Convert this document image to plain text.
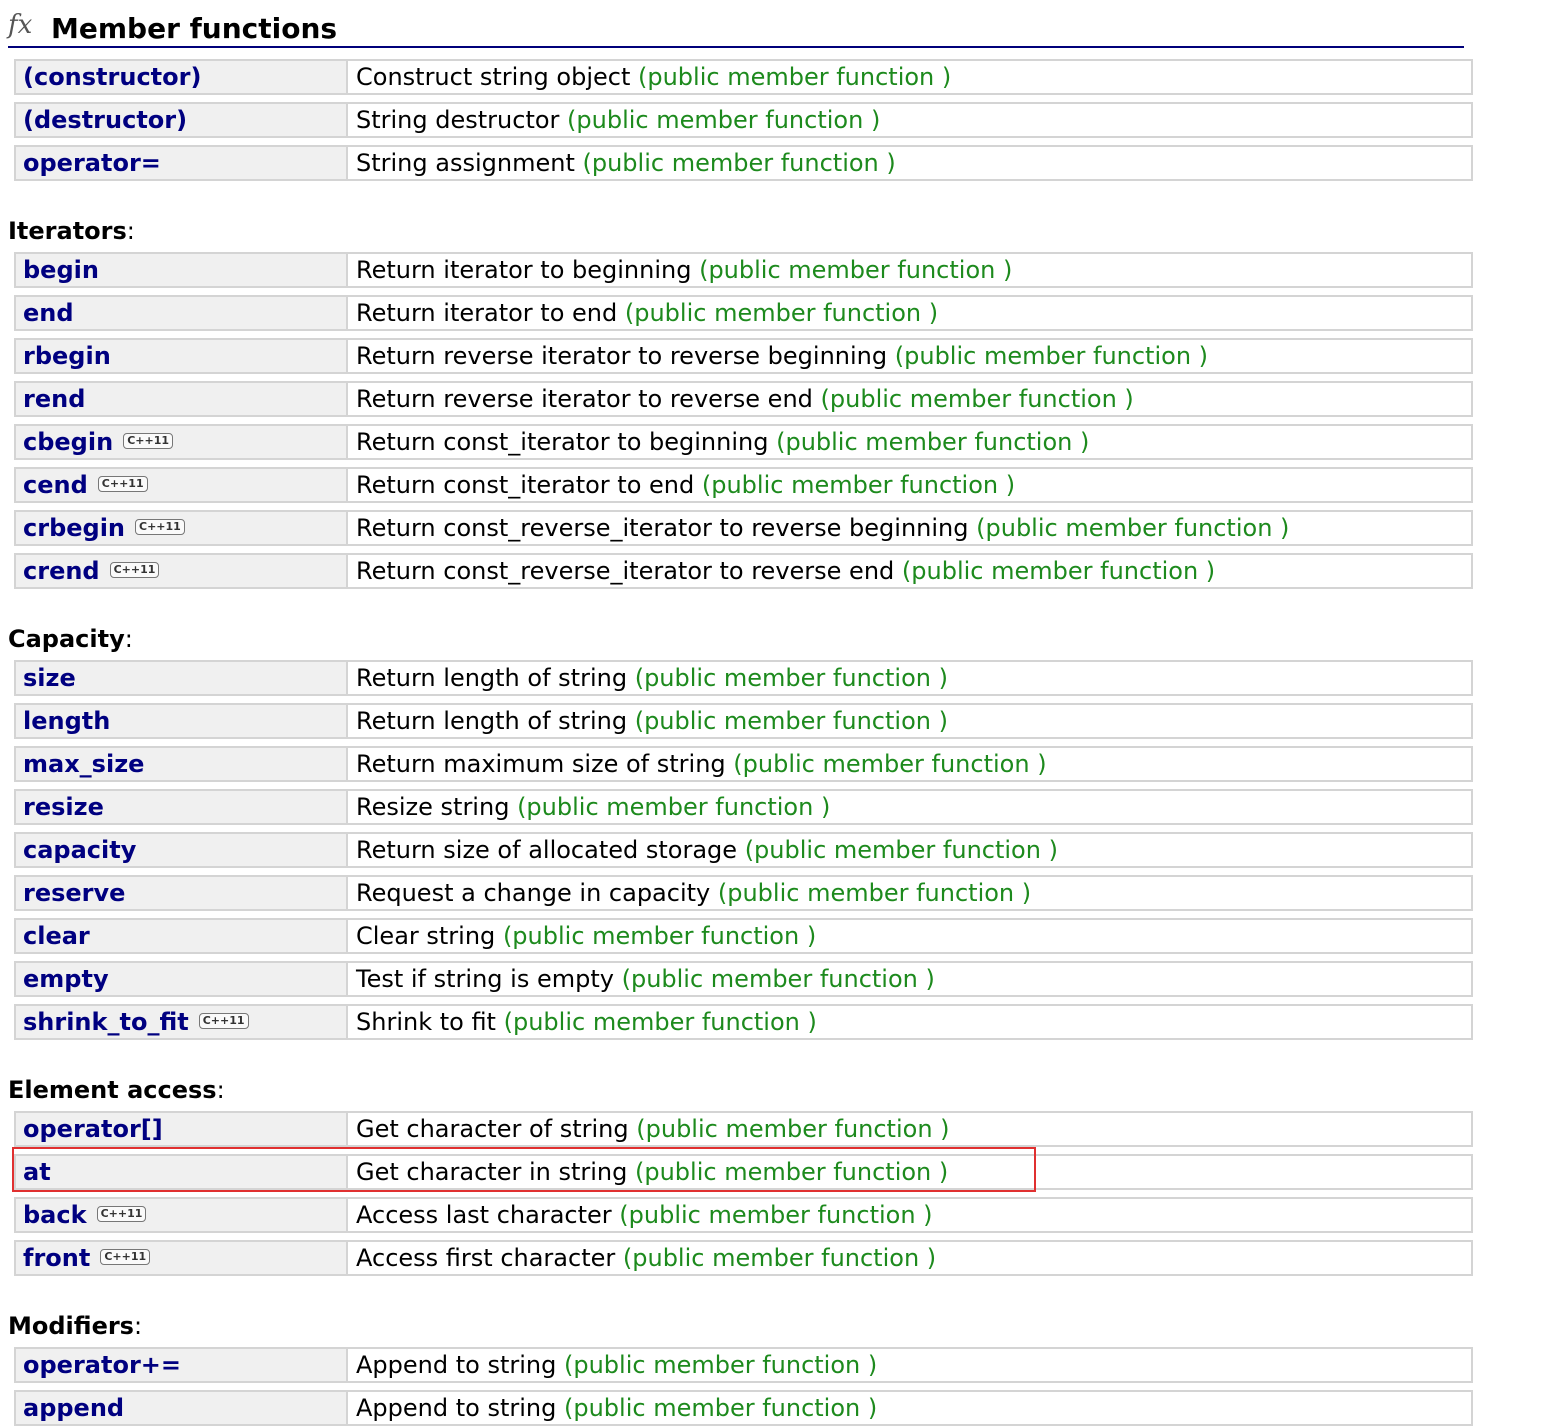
fx Member functions
(constructor)	Construct string object (public member function )
(destructor)	String destructor (public member function )
operator=	String assignment (public member function )
Iterators:
begin	Return iterator to beginning (public member function )
end	Return iterator to end (public member function )
rbegin	Return reverse iterator to reverse beginning (public member function )
rend	Return reverse iterator to reverse end (public member function )
cbegin C++11	Return const_iterator to beginning (public member function )
cend C++11	Return const_iterator to end (public member function )
crbegin C++11	Return const_reverse_iterator to reverse beginning (public member function )
crend C++11	Return const_reverse_iterator to reverse end (public member function )
Capacity:
size	Return length of string (public member function )
length	Return length of string (public member function )
max_size	Return maximum size of string (public member function )
resize	Resize string (public member function )
capacity	Return size of allocated storage (public member function )
reserve	Request a change in capacity (public member function )
clear	Clear string (public member function )
empty	Test if string is empty (public member function )
shrink_to_fit C++11	Shrink to fit (public member function )
Element access:
operator[]	Get character of string (public member function )
at	Get character in string (public member function )
back C++11	Access last character (public member function )
front C++11	Access first character (public member function )
Modifiers:
operator+=	Append to string (public member function )
append	Append to string (public member function )
